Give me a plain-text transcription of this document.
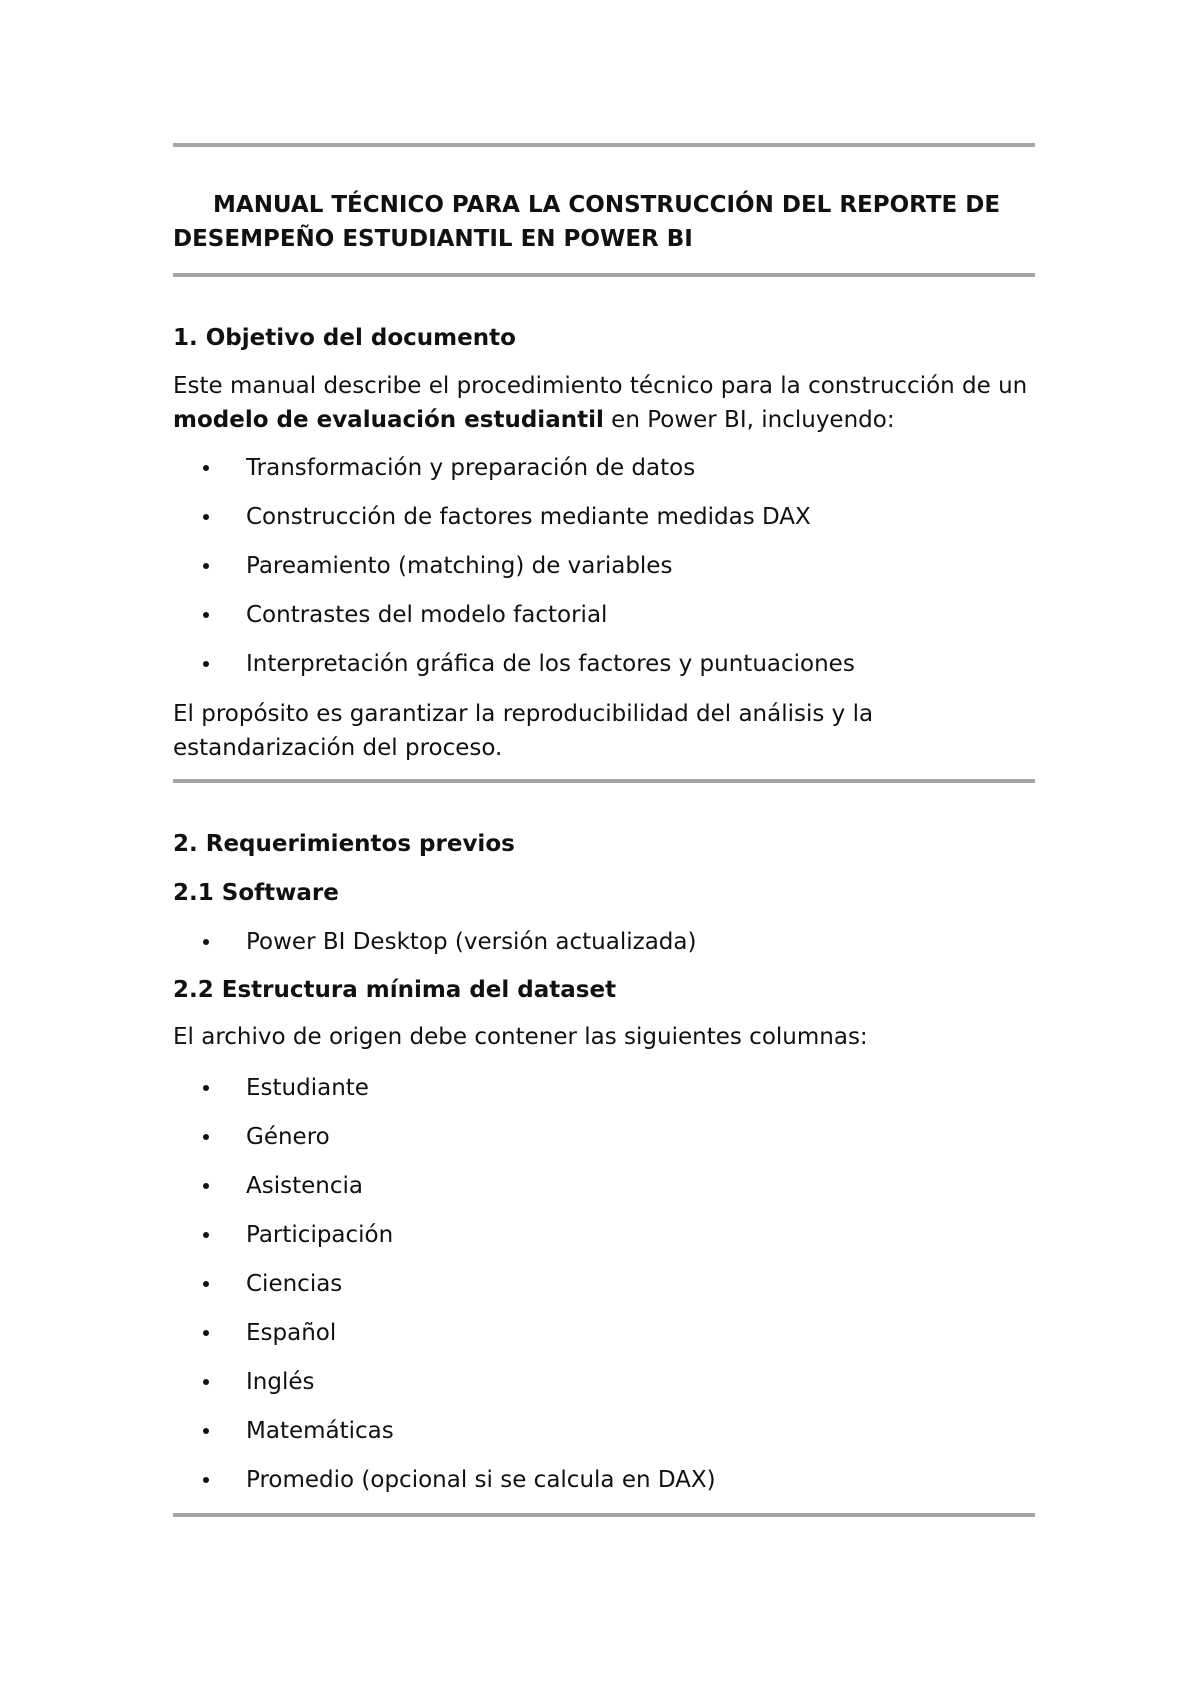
MANUAL TÉCNICO PARA LA CONSTRUCCIÓN DEL REPORTE DE DESEMPEÑO ESTUDIANTIL EN POWER BI

1. Objetivo del documento

Este manual describe el procedimiento técnico para la construcción de un modelo de evaluación estudiantil en Power BI, incluyendo:

Transformación y preparación de datos
Construcción de factores mediante medidas DAX
Pareamiento (matching) de variables
Contrastes del modelo factorial
Interpretación gráfica de los factores y puntuaciones

El propósito es garantizar la reproducibilidad del análisis y la estandarización del proceso.

2. Requerimientos previos
2.1 Software
Power BI Desktop (versión actualizada)
2.2 Estructura mínima del dataset

El archivo de origen debe contener las siguientes columnas:

Estudiante
Género
Asistencia
Participación
Ciencias
Español
Inglés
Matemáticas
Promedio (opcional si se calcula en DAX)
